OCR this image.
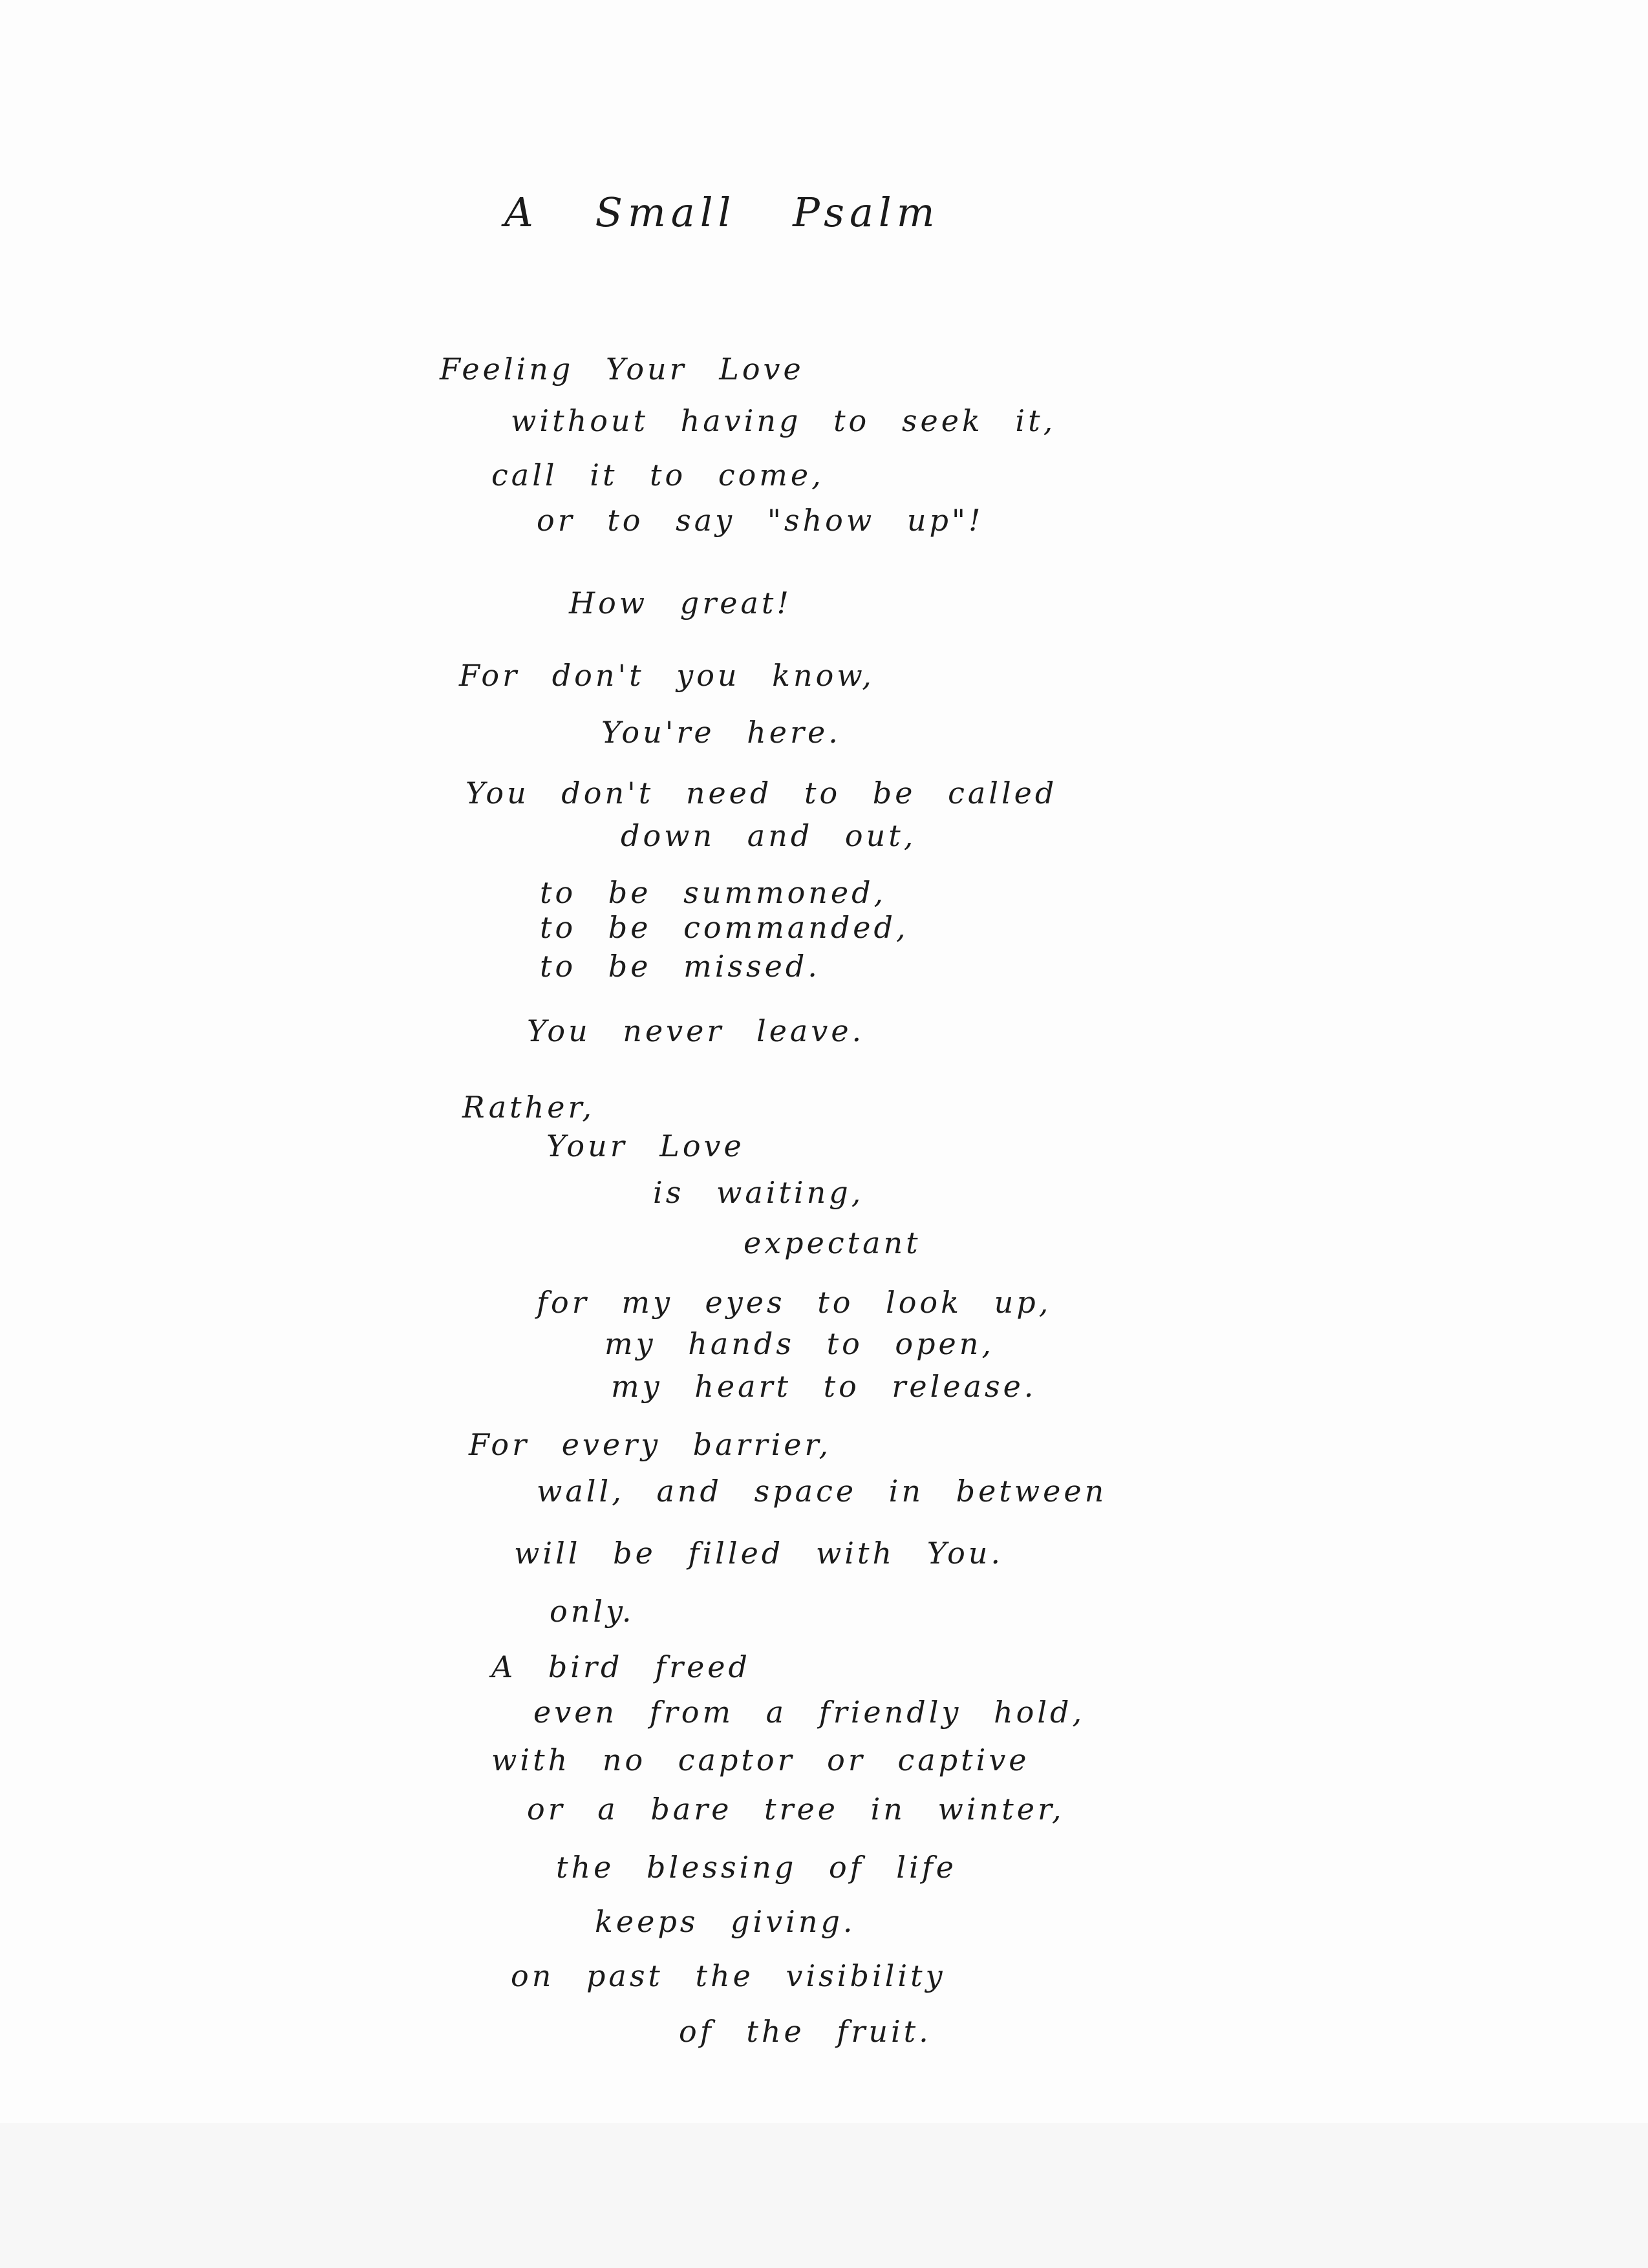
A Small Psalm
Feeling Your Love
without having to seek it,
call it to come,
or to say "show up"!
How great!
For don't you know,
You're here.
You don't need to be called
down and out,
to be summoned,
to be commanded,
to be missed.
You never leave.
Rather,
Your Love
is waiting,
expectant
for my eyes to look up,
my hands to open,
my heart to release.
For every barrier,
wall, and space in between
will be filled with You.
only.
A bird freed
even from a friendly hold,
with no captor or captive
or a bare tree in winter,
the blessing of life
keeps giving.
on past the visibility
of the fruit.
